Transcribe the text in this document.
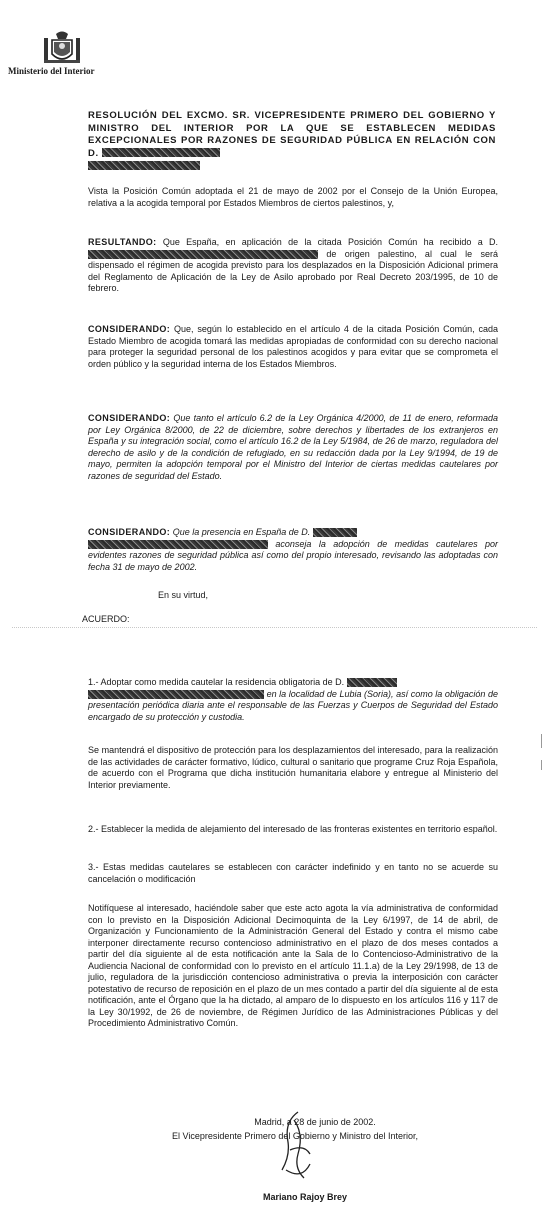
Ministerio del Interior
RESOLUCIÓN DEL EXCMO. SR. VICEPRESIDENTE PRIMERO DEL GOBIERNO Y MINISTRO DEL INTERIOR POR LA QUE SE ESTABLECEN MEDIDAS EXCEPCIONALES POR RAZONES DE SEGURIDAD PÚBLICA EN RELACIÓN CON D.

Vista la Posición Común adoptada el 21 de mayo de 2002 por el Consejo de la Unión Europea, relativa a la acogida temporal por Estados Miembros de ciertos palestinos, y,
RESULTANDO: Que España, en aplicación de la citada Posición Común ha recibido a D. de origen palestino, al cual le será dispensado el régimen de acogida previsto para los desplazados en la Disposición Adicional primera del Reglamento de Aplicación de la Ley de Asilo aprobado por Real Decreto 203/1995, de 10 de febrero.
CONSIDERANDO: Que, según lo establecido en el artículo 4 de la citada Posición Común, cada Estado Miembro de acogida tomará las medidas apropiadas de conformidad con su derecho nacional para proteger la seguridad personal de los palestinos acogidos y para evitar que se comprometa el orden público y la seguridad interna de los Estados Miembros.
CONSIDERANDO: Que tanto el artículo 6.2 de la Ley Orgánica 4/2000, de 11 de enero, reformada por Ley Orgánica 8/2000, de 22 de diciembre, sobre derechos y libertades de los extranjeros en España y su integración social, como el artículo 16.2 de la Ley 5/1984, de 26 de marzo, reguladora del derecho de asilo y de la condición de refugiado, en su redacción dada por la Ley 9/1994, de 19 de mayo, permiten la adopción temporal por el Ministro del Interior de ciertas medidas cautelares por razones de seguridad del Estado.
CONSIDERANDO: Que la presencia en España de D.
aconseja la adopción de medidas cautelares por evidentes razones de seguridad pública así como del propio interesado, revisando las adoptadas con fecha 31 de mayo de 2002.
En su virtud,
ACUERDO:
1.- Adoptar como medida cautelar la residencia obligatoria de D.
en la localidad de Lubia (Soria), así como la obligación de presentación periódica diaria ante el responsable de las Fuerzas y Cuerpos de Seguridad del Estado encargado de su protección y custodia.
Se mantendrá el dispositivo de protección para los desplazamientos del interesado, para la realización de las actividades de carácter formativo, lúdico, cultural o sanitario que programe Cruz Roja Española, de acuerdo con el Programa que dicha institución humanitaria elabore y entregue al Ministerio del Interior previamente.
2.- Establecer la medida de alejamiento del interesado de las fronteras existentes en territorio español.
3.- Estas medidas cautelares se establecen con carácter indefinido y en tanto no se acuerde su cancelación o modificación
Notifíquese al interesado, haciéndole saber que este acto agota la vía administrativa de conformidad con lo previsto en la Disposición Adicional Decimoquinta de la Ley 6/1997, de 14 de abril, de Organización y Funcionamiento de la Administración General del Estado y contra el mismo cabe interponer directamente recurso contencioso administrativo en el plazo de dos meses contados a partir del día siguiente al de esta notificación ante la Sala de lo Contencioso-Administrativo de la Audiencia Nacional de conformidad con lo previsto en el artículo 11.1.a) de la Ley 29/1998, de 13 de julio, reguladora de la jurisdicción contencioso administrativa o previa la interposición con carácter potestativo de recurso de reposición en el plazo de un mes contado a partir del día siguiente al de esta notificación, ante el Órgano que la ha dictado, al amparo de lo dispuesto en los artículos 116 y 117 de la Ley 30/1992, de 26 de noviembre, de Régimen Jurídico de las Administraciones Públicas y del Procedimiento Administrativo Común.
Madrid, a 28 de junio de 2002.
El Vicepresidente Primero del Gobierno y Ministro del Interior,
Mariano Rajoy Brey
